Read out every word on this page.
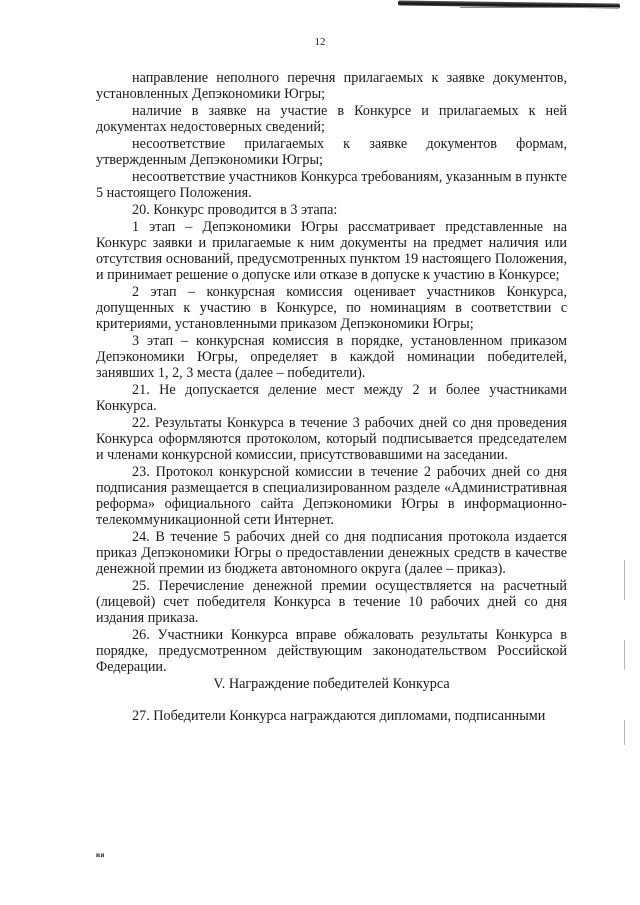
12

направление неполного перечня прилагаемых к заявке документов, установленных Депэкономики Югры;

наличие в заявке на участие в Конкурсе и прилагаемых к ней документах недостоверных сведений;

несоответствие прилагаемых к заявке документов формам, утвержденным Депэкономики Югры;

несоответствие участников Конкурса требованиям, указанным в пункте 5 настоящего Положения.

20. Конкурс проводится в 3 этапа:

1 этап – Депэкономики Югры рассматривает представленные на Конкурс заявки и прилагаемые к ним документы на предмет наличия или отсутствия оснований, предусмотренных пунктом 19 настоящего Положения, и принимает решение о допуске или отказе в допуске к участию в Конкурсе;

2 этап – конкурсная комиссия оценивает участников Конкурса, допущенных к участию в Конкурсе, по номинациям в соответствии с критериями, установленными приказом Депэкономики Югры;

3 этап – конкурсная комиссия в порядке, установленном приказом Депэкономики Югры, определяет в каждой номинации победителей, занявших 1, 2, 3 места (далее – победители).

21. Не допускается деление мест между 2 и более участниками Конкурса.

22. Результаты Конкурса в течение 3 рабочих дней со дня проведения Конкурса оформляются протоколом, который подписывается председателем и членами конкурсной комиссии, присутствовавшими на заседании.

23. Протокол конкурсной комиссии в течение 2 рабочих дней со дня подписания размещается в специализированном разделе «Административная реформа» официального сайта Депэкономики Югры в информационно-телекоммуникационной сети Интернет.

24. В течение 5 рабочих дней со дня подписания протокола издается приказ Депэкономики Югры о предоставлении денежных средств в качестве денежной премии из бюджета автономного округа (далее – приказ).

25. Перечисление денежной премии осуществляется на расчетный (лицевой) счет победителя Конкурса в течение 10 рабочих дней со дня издания приказа.

26. Участники Конкурса вправе обжаловать результаты Конкурса в порядке, предусмотренном действующим законодательством Российской Федерации.

V. Награждение победителей Конкурса

27. Победители Конкурса награждаются дипломами, подписанными

ия
